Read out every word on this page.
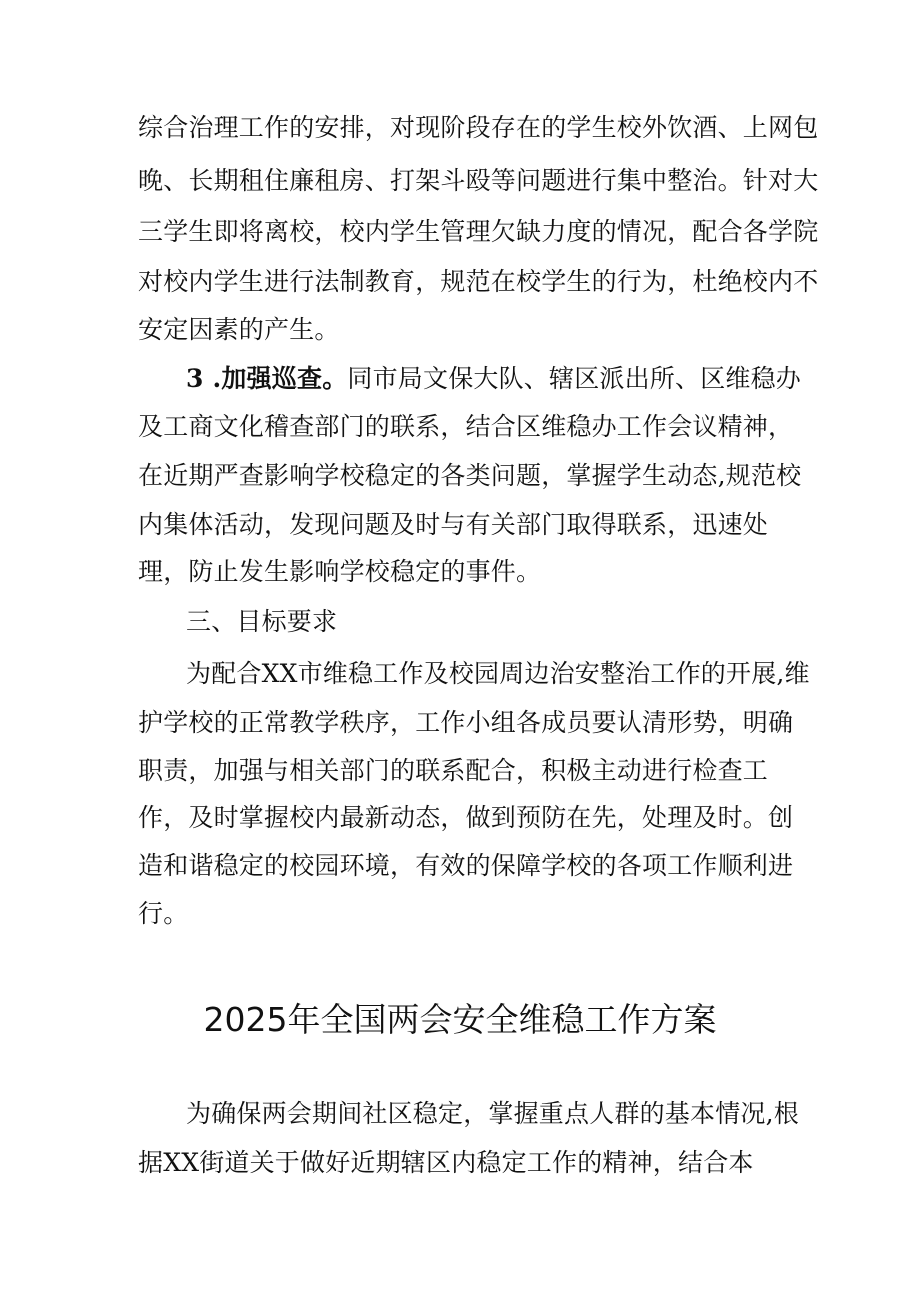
综合治理工作的安排，对现阶段存在的学生校外饮酒、上网包
晚、长期租住廉租房、打架斗殴等问题进行集中整治。针对大
三学生即将离校，校内学生管理欠缺力度的情况，配合各学院
对校内学生进行法制教育，规范在校学生的行为，杜绝校内不
安定因素的产生。
3 .加强巡查。同市局文保大队、辖区派出所、区维稳办
及工商文化稽查部门的联系，结合区维稳办工作会议精神，
在近期严查影响学校稳定的各类问题，掌握学生动态,规范校
内集体活动，发现问题及时与有关部门取得联系，迅速处
理，防止发生影响学校稳定的事件。
三、目标要求
为配合XX市维稳工作及校园周边治安整治工作的开展,维
护学校的正常教学秩序，工作小组各成员要认清形势，明确
职责，加强与相关部门的联系配合，积极主动进行检查工
作，及时掌握校内最新动态，做到预防在先，处理及时。创
造和谐稳定的校园环境，有效的保障学校的各项工作顺利进
行。
2025年全国两会安全维稳工作方案
为确保两会期间社区稳定，掌握重点人群的基本情况,根
据XX街道关于做好近期辖区内稳定工作的精神，结合本
